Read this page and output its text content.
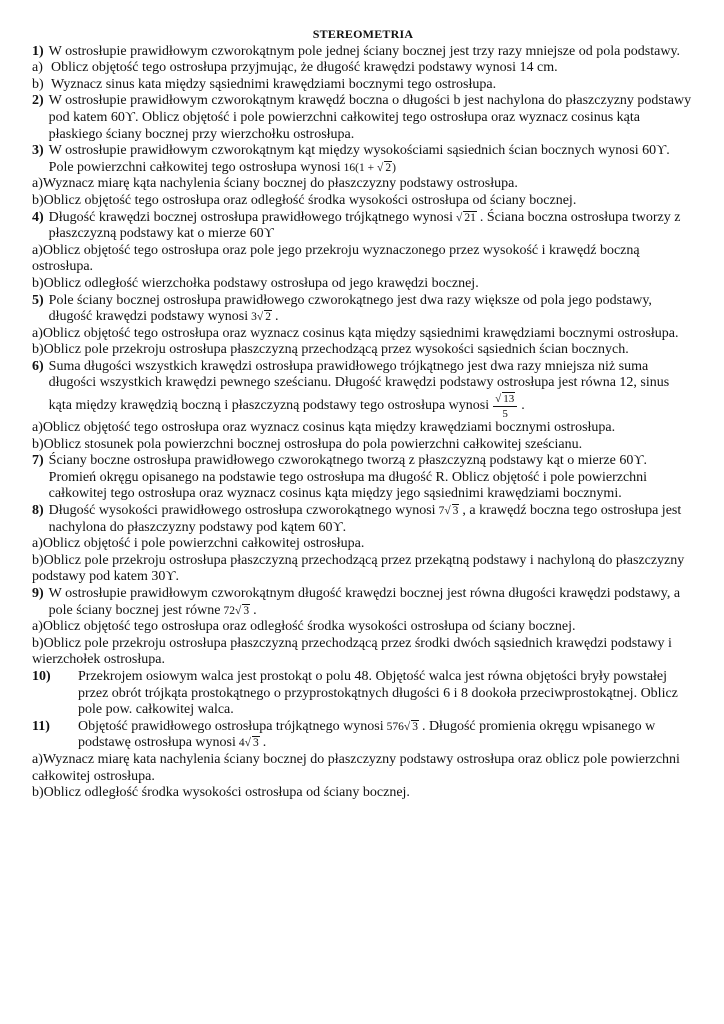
STEREOMETRIA
1) W ostrosłupie prawidłowym czworokątnym pole jednej ściany bocznej jest trzy razy mniejsze od pola podstawy.
a) Oblicz objętość tego ostrosłupa przyjmując, że długość krawędzi podstawy wynosi 14 cm.
b) Wyznacz sinus kata między sąsiednimi krawędziami bocznymi tego ostrosłupa.
2) W ostrosłupie prawidłowym czworokątnym krawędź boczna o długości b jest nachylona do płaszczyzny podstawy pod katem 60ϒ. Oblicz objętość i pole powierzchni całkowitej tego ostrosłupa oraz wyznacz cosinus kąta płaskiego ściany bocznej przy wierzchołku ostrosłupa.
3) W ostrosłupie prawidłowym czworokątnym kąt między wysokościami sąsiednich ścian bocznych wynosi 60ϒ. Pole powierzchni całkowitej tego ostrosłupa wynosi 16(1 + √ 2)
a)Wyznacz miarę kąta nachylenia ściany bocznej do płaszczyzny podstawy ostrosłupa.
b)Oblicz objętość tego ostrosłupa oraz odległość środka wysokości ostrosłupa od ściany bocznej.
4) Długość krawędzi bocznej ostrosłupa prawidłowego trójkątnego wynosi √ 21 . Ściana boczna ostrosłupa tworzy z płaszczyzną podstawy kat o mierze 60ϒ
a)Oblicz objętość tego ostrosłupa oraz pole jego przekroju wyznaczonego przez wysokość i krawędź boczną ostrosłupa.
b)Oblicz odległość wierzchołka podstawy ostrosłupa od jego krawędzi bocznej.
5) Pole ściany bocznej ostrosłupa prawidłowego czworokątnego jest dwa razy większe od pola jego podstawy, długość krawędzi podstawy wynosi 3√ 2 .
a)Oblicz objętość tego ostrosłupa oraz wyznacz cosinus kąta między sąsiednimi krawędziami bocznymi ostrosłupa.
b)Oblicz pole przekroju ostrosłupa płaszczyzną przechodzącą przez wysokości sąsiednich ścian bocznych.
6) Suma długości wszystkich krawędzi ostrosłupa prawidłowego trójkątnego jest dwa razy mniejsza niż suma długości wszystkich krawędzi pewnego sześcianu. Długość krawędzi podstawy ostrosłupa jest równa 12, sinus kąta między krawędzią boczną i płaszczyzną podstawy tego ostrosłupa wynosi $\frac{√ 13}{5}$ .
a)Oblicz objętość tego ostrosłupa oraz wyznacz cosinus kąta między krawędziami bocznymi ostrosłupa.
b)Oblicz stosunek pola powierzchni bocznej ostrosłupa do pola powierzchni całkowitej sześcianu.
7) Ściany boczne ostrosłupa prawidłowego czworokątnego tworzą z płaszczyzną podstawy kąt o mierze 60ϒ. Promień okręgu opisanego na podstawie tego ostrosłupa ma długość R. Oblicz objętość i pole powierzchni całkowitej tego ostrosłupa oraz wyznacz cosinus kąta między jego sąsiednimi krawędziami bocznymi.
8) Długość wysokości prawidłowego ostrosłupa czworokątnego wynosi 7√ 3 , a krawędź boczna tego ostrosłupa jest nachylona do płaszczyzny podstawy pod kątem 60ϒ.
a)Oblicz objętość i pole powierzchni całkowitej ostrosłupa.
b)Oblicz pole przekroju ostrosłupa płaszczyzną przechodzącą przez przekątną podstawy i nachyloną do płaszczyzny podstawy pod katem 30ϒ.
9) W ostrosłupie prawidłowym czworokątnym długość krawędzi bocznej jest równa długości krawędzi podstawy, a pole ściany bocznej jest równe 72√ 3 .
a)Oblicz objętość tego ostrosłupa oraz odległość środka wysokości ostrosłupa od ściany bocznej.
b)Oblicz pole przekroju ostrosłupa płaszczyzną przechodzącą przez środki dwóch sąsiednich krawędzi podstawy i wierzchołek ostrosłupa.
10)	Przekrojem osiowym walca jest prostokąt o polu 48. Objętość walca jest równa objętości bryły powstałej przez obrót trójkąta prostokątnego o przyprostokątnych długości 6 i 8 dookoła przeciwprostokątnej. Oblicz pole pow. całkowitej walca.
11)	Objętość prawidłowego ostrosłupa trójkątnego wynosi 576√ 3 . Długość promienia okręgu wpisanego w podstawę ostrosłupa wynosi 4√ 3 .
a)Wyznacz miarę kata nachylenia ściany bocznej do płaszczyzny podstawy ostrosłupa oraz oblicz pole powierzchni całkowitej ostrosłupa.
b)Oblicz odległość środka wysokości ostrosłupa od ściany bocznej.
